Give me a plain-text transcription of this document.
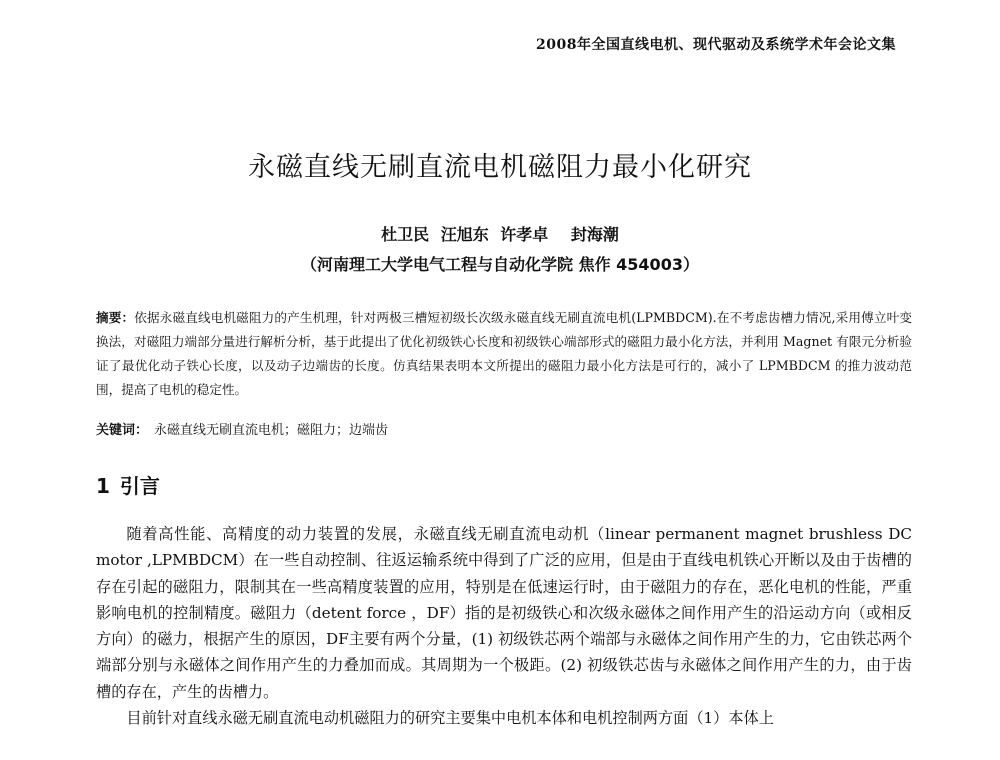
2008年全国直线电机、现代驱动及系统学术年会论文集
永磁直线无刷直流电机磁阻力最小化研究
杜卫民 汪旭东 许孝卓 封海潮
（河南理工大学电气工程与自动化学院 焦作 454003）
摘要：依据永磁直线电机磁阻力的产生机理，针对两极三槽短初级长次级永磁直线无刷直流电机(LPMBDCM).在不考虑齿槽力情况,采用傅立叶变换法，对磁阻力端部分量进行解析分析，基于此提出了优化初级铁心长度和初级铁心端部形式的磁阻力最小化方法，并利用 Magnet 有限元分析验证了最优化动子铁心长度，以及动子边端齿的长度。仿真结果表明本文所提出的磁阻力最小化方法是可行的，减小了 LPMBDCM 的推力波动范围，提高了电机的稳定性。
关键词： 永磁直线无刷直流电机；磁阻力；边端齿
1 引言

随着高性能、高精度的动力装置的发展，永磁直线无刷直流电动机（linear permanent magnet brushless DC motor ,LPMBDCM）在一些自动控制、往返运输系统中得到了广泛的应用，但是由于直线电机铁心开断以及由于齿槽的存在引起的磁阻力，限制其在一些高精度装置的应用，特别是在低速运行时，由于磁阻力的存在，恶化电机的性能，严重影响电机的控制精度。磁阻力（detent force ，DF）指的是初级铁心和次级永磁体之间作用产生的沿运动方向（或相反方向）的磁力，根据产生的原因，DF主要有两个分量，(1) 初级铁芯两个端部与永磁体之间作用产生的力，它由铁芯两个端部分别与永磁体之间作用产生的力叠加而成。其周期为一个极距。(2) 初级铁芯齿与永磁体之间作用产生的力，由于齿槽的存在，产生的齿槽力。

目前针对直线永磁无刷直流电动机磁阻力的研究主要集中电机本体和电机控制两方面（1）本体上
